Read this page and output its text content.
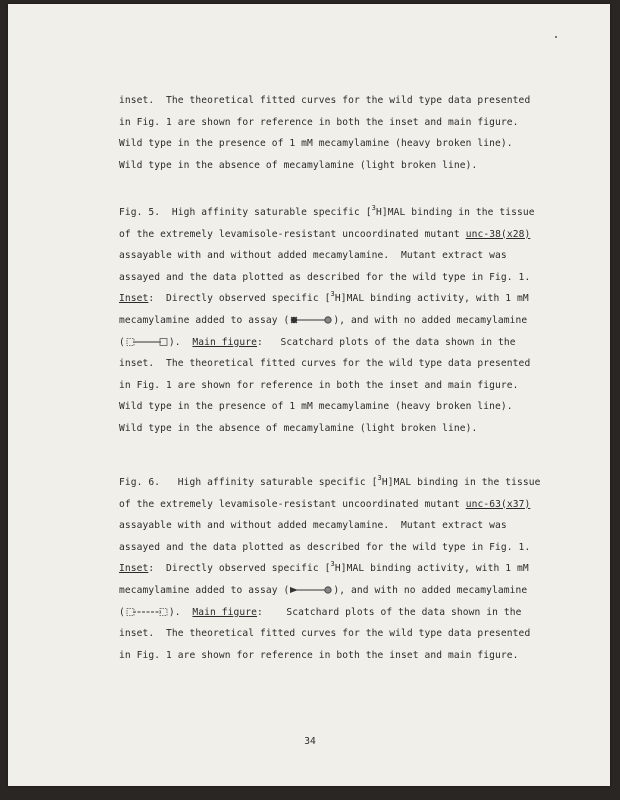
inset.  The theoretical fitted curves for the wild type data presented
in Fig. 1 are shown for reference in both the inset and main figure.
Wild type in the presence of 1 mM mecamylamine (heavy broken line).
Wild type in the absence of mecamylamine (light broken line).
Fig. 5.  High affinity saturable specific [$^3$H]MAL binding in the tissue
of the extremely levamisole-resistant uncoordinated mutant unc-38(x28)
assayable with and without added mecamylamine.  Mutant extract was
assayed and the data plotted as described for the wild type in Fig. 1.
Inset:  Directly observed specific [$^3$H]MAL binding activity, with 1 mM
mecamylamine added to assay (	), and with no added mecamylamine
(	).  Main figure:   Scatchard plots of the data shown in the
inset.  The theoretical fitted curves for the wild type data presented
in Fig. 1 are shown for reference in both the inset and main figure.
Wild type in the presence of 1 mM mecamylamine (heavy broken line).
Wild type in the absence of mecamylamine (light broken line).
Fig. 6.   High affinity saturable specific [$^3$H]MAL binding in the tissue
of the extremely levamisole-resistant uncoordinated mutant unc-63(x37)
assayable with and without added mecamylamine.  Mutant extract was
assayed and the data plotted as described for the wild type in Fig. 1.
Inset:  Directly observed specific [$^3$H]MAL binding activity, with 1 mM
mecamylamine added to assay (	), and with no added mecamylamine
(	).  Main figure:    Scatchard plots of the data shown in the
inset.  The theoretical fitted curves for the wild type data presented
in Fig. 1 are shown for reference in both the inset and main figure.
34
